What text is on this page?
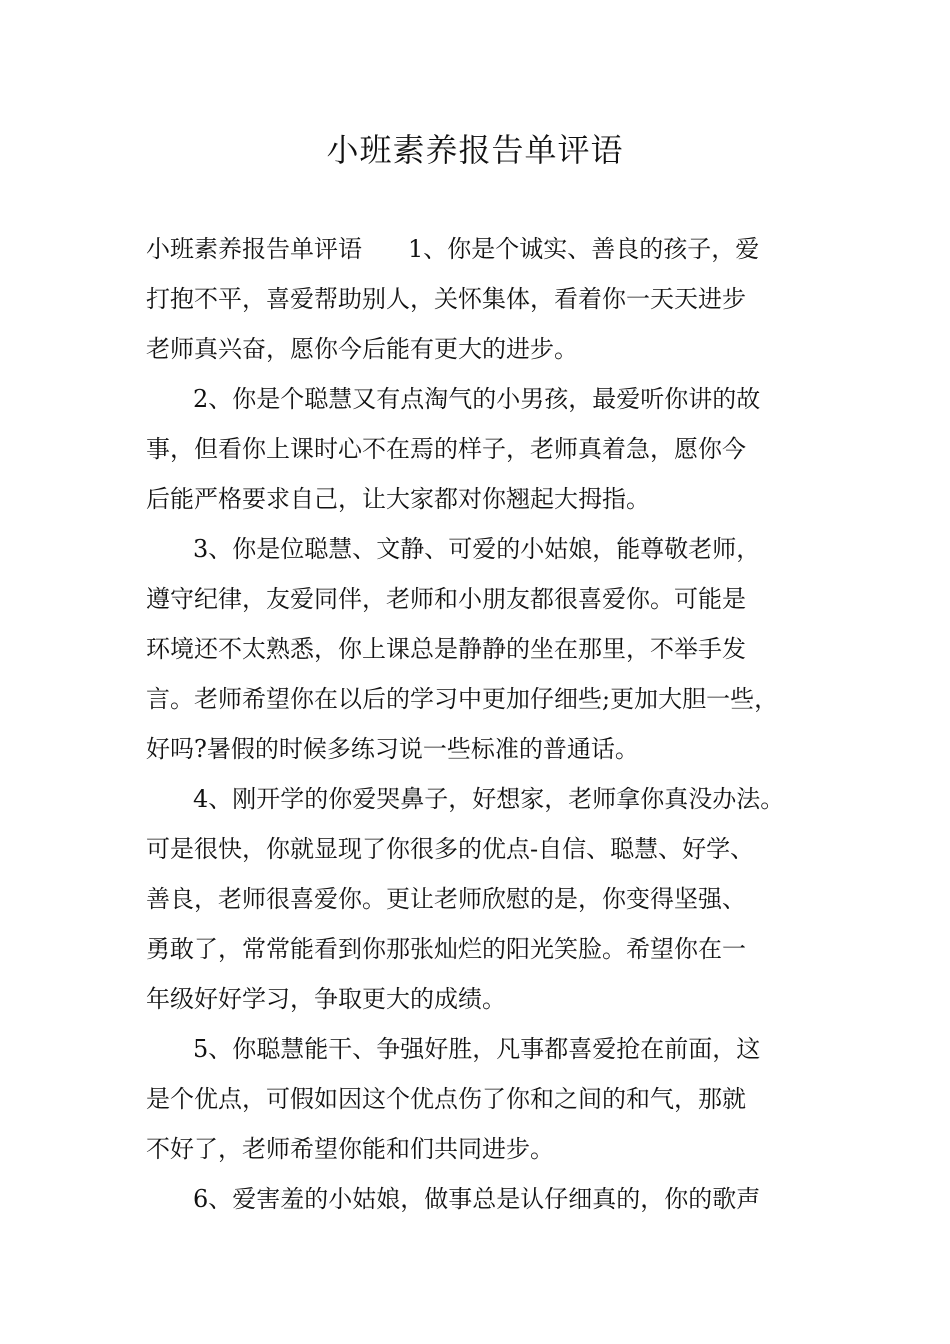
小班素养报告单评语

小班素养报告单评语 1、你是个诚实、善良的孩子，爱

打抱不平，喜爱帮助别人，关怀集体，看着你一天天进步

老师真兴奋，愿你今后能有更大的进步。

2、你是个聪慧又有点淘气的小男孩，最爱听你讲的故

事，但看你上课时心不在焉的样子，老师真着急，愿你今

后能严格要求自己，让大家都对你翘起大拇指。

3、你是位聪慧、文静、可爱的小姑娘，能尊敬老师，

遵守纪律，友爱同伴，老师和小朋友都很喜爱你。可能是

环境还不太熟悉，你上课总是静静的坐在那里，不举手发

言。老师希望你在以后的学习中更加仔细些;更加大胆一些，

好吗?暑假的时候多练习说一些标准的普通话。

4、刚开学的你爱哭鼻子，好想家，老师拿你真没办法。

可是很快，你就显现了你很多的优点-自信、聪慧、好学、

善良，老师很喜爱你。更让老师欣慰的是，你变得坚强、

勇敢了，常常能看到你那张灿烂的阳光笑脸。希望你在一

年级好好学习，争取更大的成绩。

5、你聪慧能干、争强好胜，凡事都喜爱抢在前面，这

是个优点，可假如因这个优点伤了你和之间的和气，那就

不好了，老师希望你能和们共同进步。

6、爱害羞的小姑娘，做事总是认仔细真的，你的歌声
